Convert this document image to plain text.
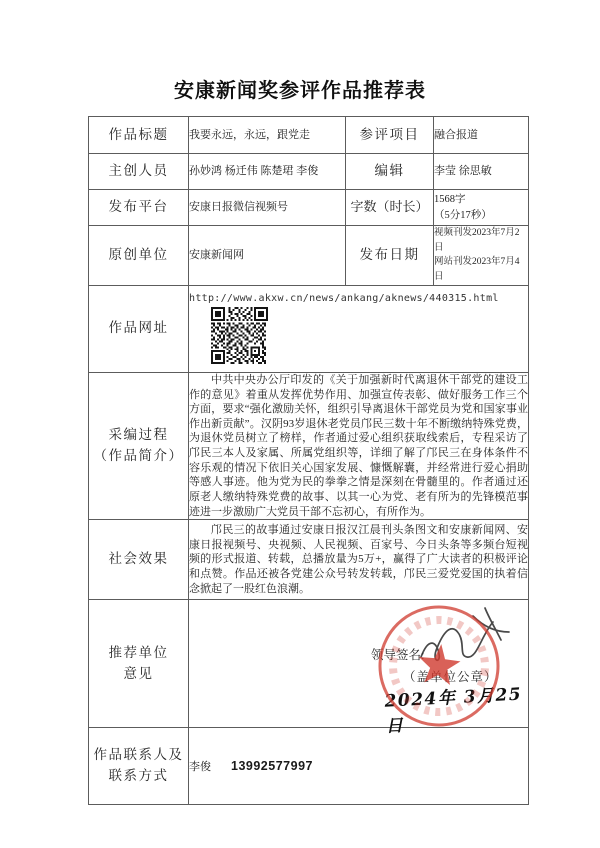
安康新闻奖参评作品推荐表
作品标题	我要永远，永远，跟党走	参评项目	融合报道
主创人员	孙妙鸿 杨迁伟 陈楚珺 李俊	编辑	李莹 徐思敏
发布平台	安康日报微信视频号	字数（时长）	1568字
（5分17秒）

原创单位	安康新闻网	发布日期	视频刊发2023年7月2日
网站刊发2023年7月4日

作品网址	http://www.akxw.cn/news/ankang/aknews/440315.html		

采编过程
（作品简介）	中共中央办公厅印发的《关于加强新时代离退休干部党的建设工作的意见》着重从发挥优势作用、加强宣传表彰、做好服务工作三个方面，要求“强化激励关怀，组织引导离退休干部党员为党和国家事业作出新贡献”。汉阴93岁退休老党员邝民三数十年不断缴纳特殊党费，为退休党员树立了榜样，作者通过爱心组织获取线索后，专程采访了邝民三本人及家属、所属党组织等，详细了解了邝民三在身体条件不容乐观的情况下依旧关心国家发展、慷慨解囊，并经常进行爱心捐助等感人事迹。他为党为民的拳拳之情是深刻在骨髓里的。作者通过还原老人缴纳特殊党费的故事、以其一心为党、老有所为的先锋模范事迹进一步激励广大党员干部不忘初心，有所作为。		

社会效果	邝民三的故事通过安康日报汉江晨刊头条图文和安康新闻网、安康日报视频号、央视频、人民视频、百家号、今日头条等多频台短视频的形式报道、转载，总播放量为5万+，赢得了广大读者的积极评论和点赞。作品还被各党建公众号转发转载，邝民三爱党爱国的执着信念掀起了一股红色浪潮。		

推荐单位
意见	
领导签名:
（盖单位公章）
2024年 3月25日

作品联系人及
联系方式	李俊 13992577997		
